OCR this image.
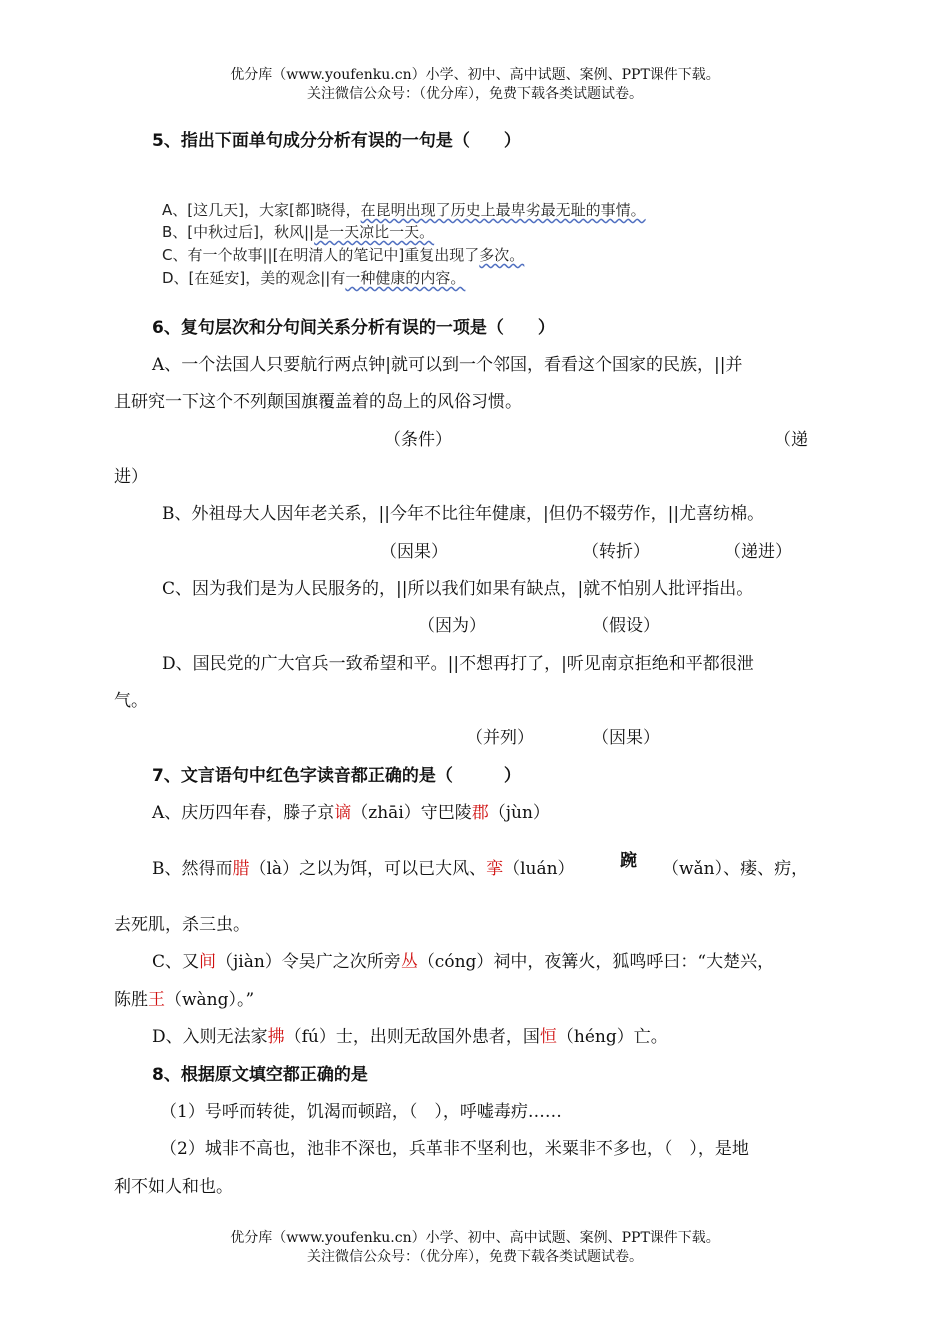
优分库（www.youfenku.cn）小学、初中、高中试题、案例、PPT课件下载。
关注微信公众号：（优分库），免费下载各类试题试卷。
5、指出下面单句成分分析有误的一句是（　　）
A、[这几天]，大家[都]晓得，在昆明出现了历史上最卑劣最无耻的事情。
B、[中秋过后]，秋风||是一天凉比一天。
C、有一个故事||[在明清人的笔记中]重复出现了多次。
D、[在延安]，美的观念||有一种健康的内容。
6、复句层次和分句间关系分析有误的一项是（　　）
A、一个法国人只要航行两点钟|就可以到一个邻国，看看这个国家的民族，||并
且研究一下这个不列颠国旗覆盖着的岛上的风俗习惯。
（条件）	（递
进）
B、外祖母大人因年老关系，||今年不比往年健康，|但仍不辍劳作，||尤喜纺棉。
（因果）	（转折）	（递进）
C、因为我们是为人民服务的，||所以我们如果有缺点，|就不怕别人批评指出。
（因为）	（假设）
D、国民党的广大官兵一致希望和平。||不想再打了，|听见南京拒绝和平都很泄
气。
（并列）	（因果）
7、文言语句中红色字读音都正确的是（　　　）
A、庆历四年春，滕子京谪（zhāi）守巴陵郡（jùn）
B、然得而腊（là）之以为饵，可以已大风、挛（luán）	踠 （wǎn）、瘘、疠，
去死肌，杀三虫。
C、又间（jiàn）令吴广之次所旁丛（cóng）祠中，夜篝火，狐鸣呼曰：“大楚兴，
陈胜王（wàng）。”
D、入则无法家拂（fú）士，出则无敌国外患者，国恒（héng）亡。
8、根据原文填空都正确的是
（1）号呼而转徙，饥渴而顿踣，（　），呼嘘毒疠……
（2）城非不高也，池非不深也，兵革非不坚利也，米粟非不多也，（　），是地
利不如人和也。
优分库（www.youfenku.cn）小学、初中、高中试题、案例、PPT课件下载。
关注微信公众号：（优分库），免费下载各类试题试卷。
